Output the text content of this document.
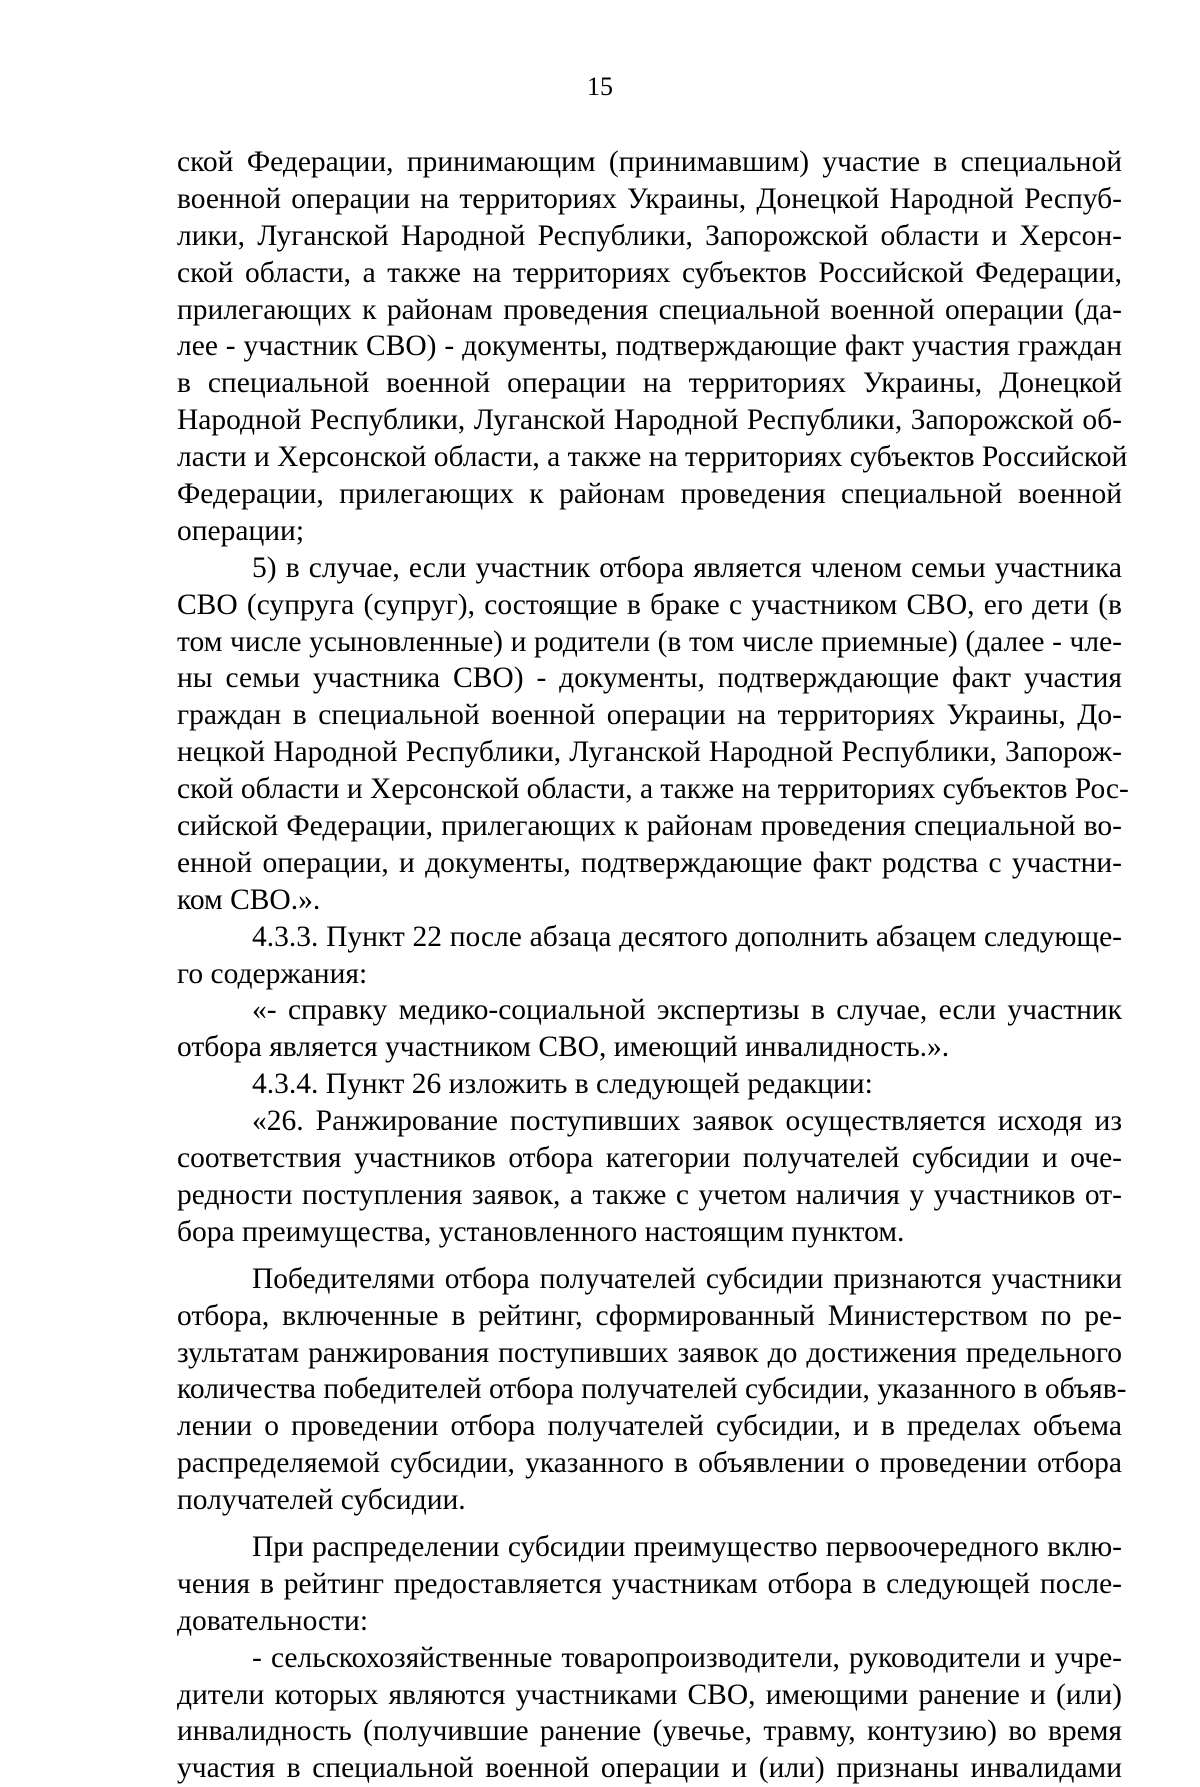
15
ской Федерации, принимающим (принимавшим) участие в специальной
военной операции на территориях Украины, Донецкой Народной Респуб-
лики, Луганской Народной Республики, Запорожской области и Херсон-
ской области, а также на территориях субъектов Российской Федерации,
прилегающих к районам проведения специальной военной операции (да-
лее - участник СВО) - документы, подтверждающие факт участия граждан
в специальной военной операции на территориях Украины, Донецкой
Народной Республики, Луганской Народной Республики, Запорожской об-
ласти и Херсонской области, а также на территориях субъектов Российской
Федерации, прилегающих к районам проведения специальной военной
операции;
5) в случае, если участник отбора является членом семьи участника
СВО (супруга (супруг), состоящие в браке с участником СВО, его дети (в
том числе усыновленные) и родители (в том числе приемные) (далее - чле-
ны семьи участника СВО) - документы, подтверждающие факт участия
граждан в специальной военной операции на территориях Украины, До-
нецкой Народной Республики, Луганской Народной Республики, Запорож-
ской области и Херсонской области, а также на территориях субъектов Рос-
сийской Федерации, прилегающих к районам проведения специальной во-
енной операции, и документы, подтверждающие факт родства с участни-
ком СВО.».
4.3.3. Пункт 22 после абзаца десятого дополнить абзацем следующе-
го содержания:
«- справку медико-социальной экспертизы в случае, если участник
отбора является участником СВО, имеющий инвалидность.».
4.3.4. Пункт 26 изложить в следующей редакции:
«26. Ранжирование поступивших заявок осуществляется исходя из
соответствия участников отбора категории получателей субсидии и оче-
редности поступления заявок, а также с учетом наличия у участников от-
бора преимущества, установленного настоящим пунктом.
Победителями отбора получателей субсидии признаются участники
отбора, включенные в рейтинг, сформированный Министерством по ре-
зультатам ранжирования поступивших заявок до достижения предельного
количества победителей отбора получателей субсидии, указанного в объяв-
лении о проведении отбора получателей субсидии, и в пределах объема
распределяемой субсидии, указанного в объявлении о проведении отбора
получателей субсидии.
При распределении субсидии преимущество первоочередного вклю-
чения в рейтинг предоставляется участникам отбора в следующей после-
довательности:
- сельскохозяйственные товаропроизводители, руководители и учре-
дители которых являются участниками СВО, имеющими ранение и (или)
инвалидность (получившие ранение (увечье, травму, контузию) во время
участия в специальной военной операции и (или) признаны инвалидами
